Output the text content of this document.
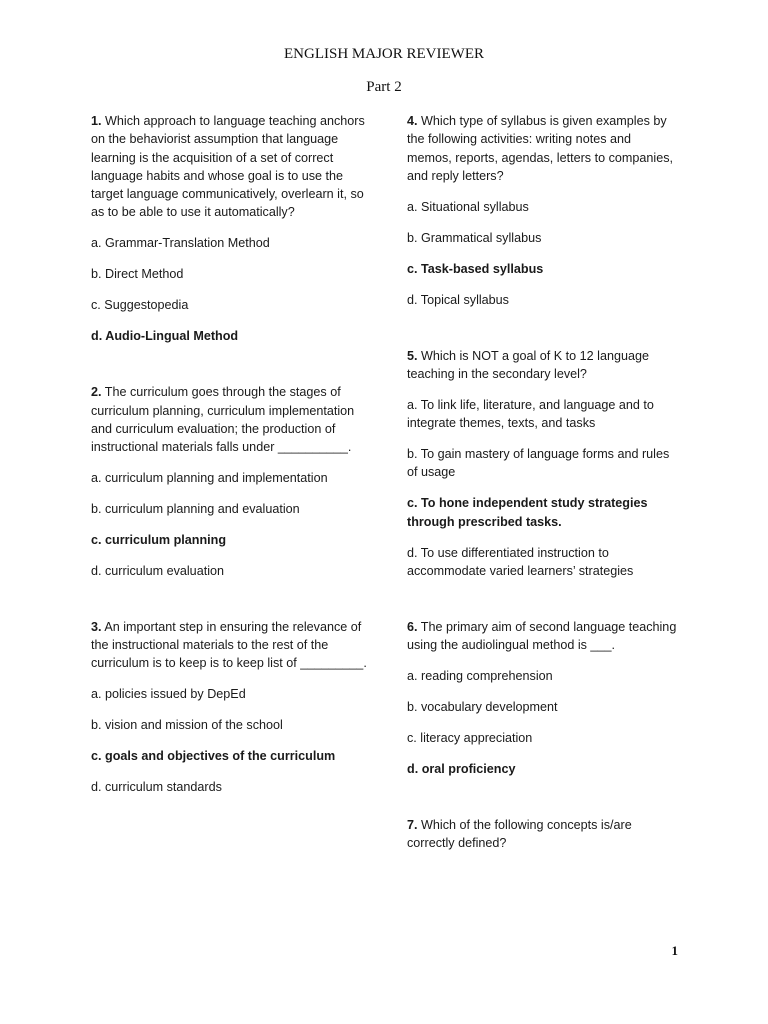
ENGLISH MAJOR REVIEWER
Part 2
1. Which approach to language teaching anchors on the behaviorist assumption that language learning is the acquisition of a set of correct language habits and whose goal is to use the target language communicatively, overlearn it, so as to be able to use it automatically?
a. Grammar-Translation Method
b. Direct Method
c. Suggestopedia
d. Audio-Lingual Method
2. The curriculum goes through the stages of curriculum planning, curriculum implementation and curriculum evaluation; the production of instructional materials falls under __________.
a. curriculum planning and implementation
b. curriculum planning and evaluation
c. curriculum planning
d. curriculum evaluation
3. An important step in ensuring the relevance of the instructional materials to the rest of the curriculum is to keep is to keep list of _________.
a. policies issued by DepEd
b. vision and mission of the school
c. goals and objectives of the curriculum
d. curriculum standards
4. Which type of syllabus is given examples by the following activities: writing notes and memos, reports, agendas, letters to companies, and reply letters?
a. Situational syllabus
b. Grammatical syllabus
c. Task-based syllabus
d. Topical syllabus
5. Which is NOT a goal of K to 12 language teaching in the secondary level?
a. To link life, literature, and language and to integrate themes, texts, and tasks
b. To gain mastery of language forms and rules of usage
c. To hone independent study strategies through prescribed tasks.
d. To use differentiated instruction to accommodate varied learners’ strategies
6. The primary aim of second language teaching using the audiolingual method is ___.
a. reading comprehension
b. vocabulary development
c. literacy appreciation
d. oral proficiency
7. Which of the following concepts is/are correctly defined?
1
